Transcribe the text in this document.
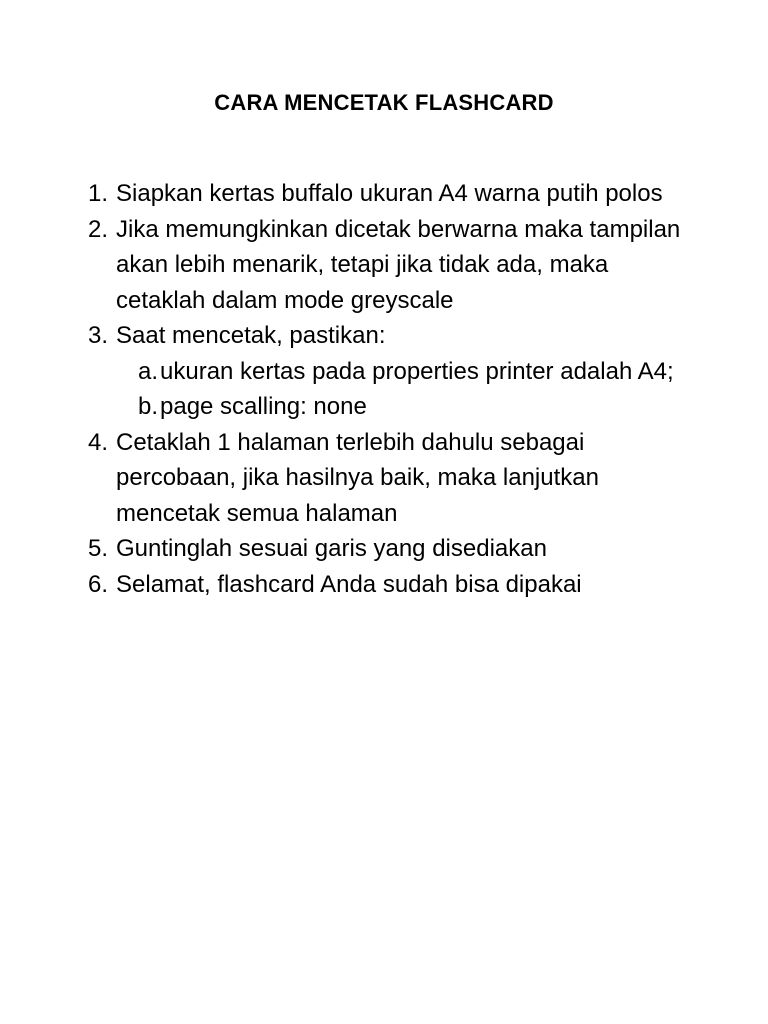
CARA MENCETAK FLASHCARD
1. Siapkan kertas buffalo ukuran A4 warna putih polos
2. Jika memungkinkan dicetak berwarna maka tampilan akan lebih menarik, tetapi jika tidak ada, maka cetaklah dalam mode greyscale
3. Saat mencetak, pastikan:
a. ukuran kertas pada properties printer adalah A4;
b. page scalling: none
4. Cetaklah 1 halaman terlebih dahulu sebagai percobaan, jika hasilnya baik, maka lanjutkan mencetak semua halaman
5. Guntinglah sesuai garis yang disediakan
6. Selamat, flashcard Anda sudah bisa dipakai
